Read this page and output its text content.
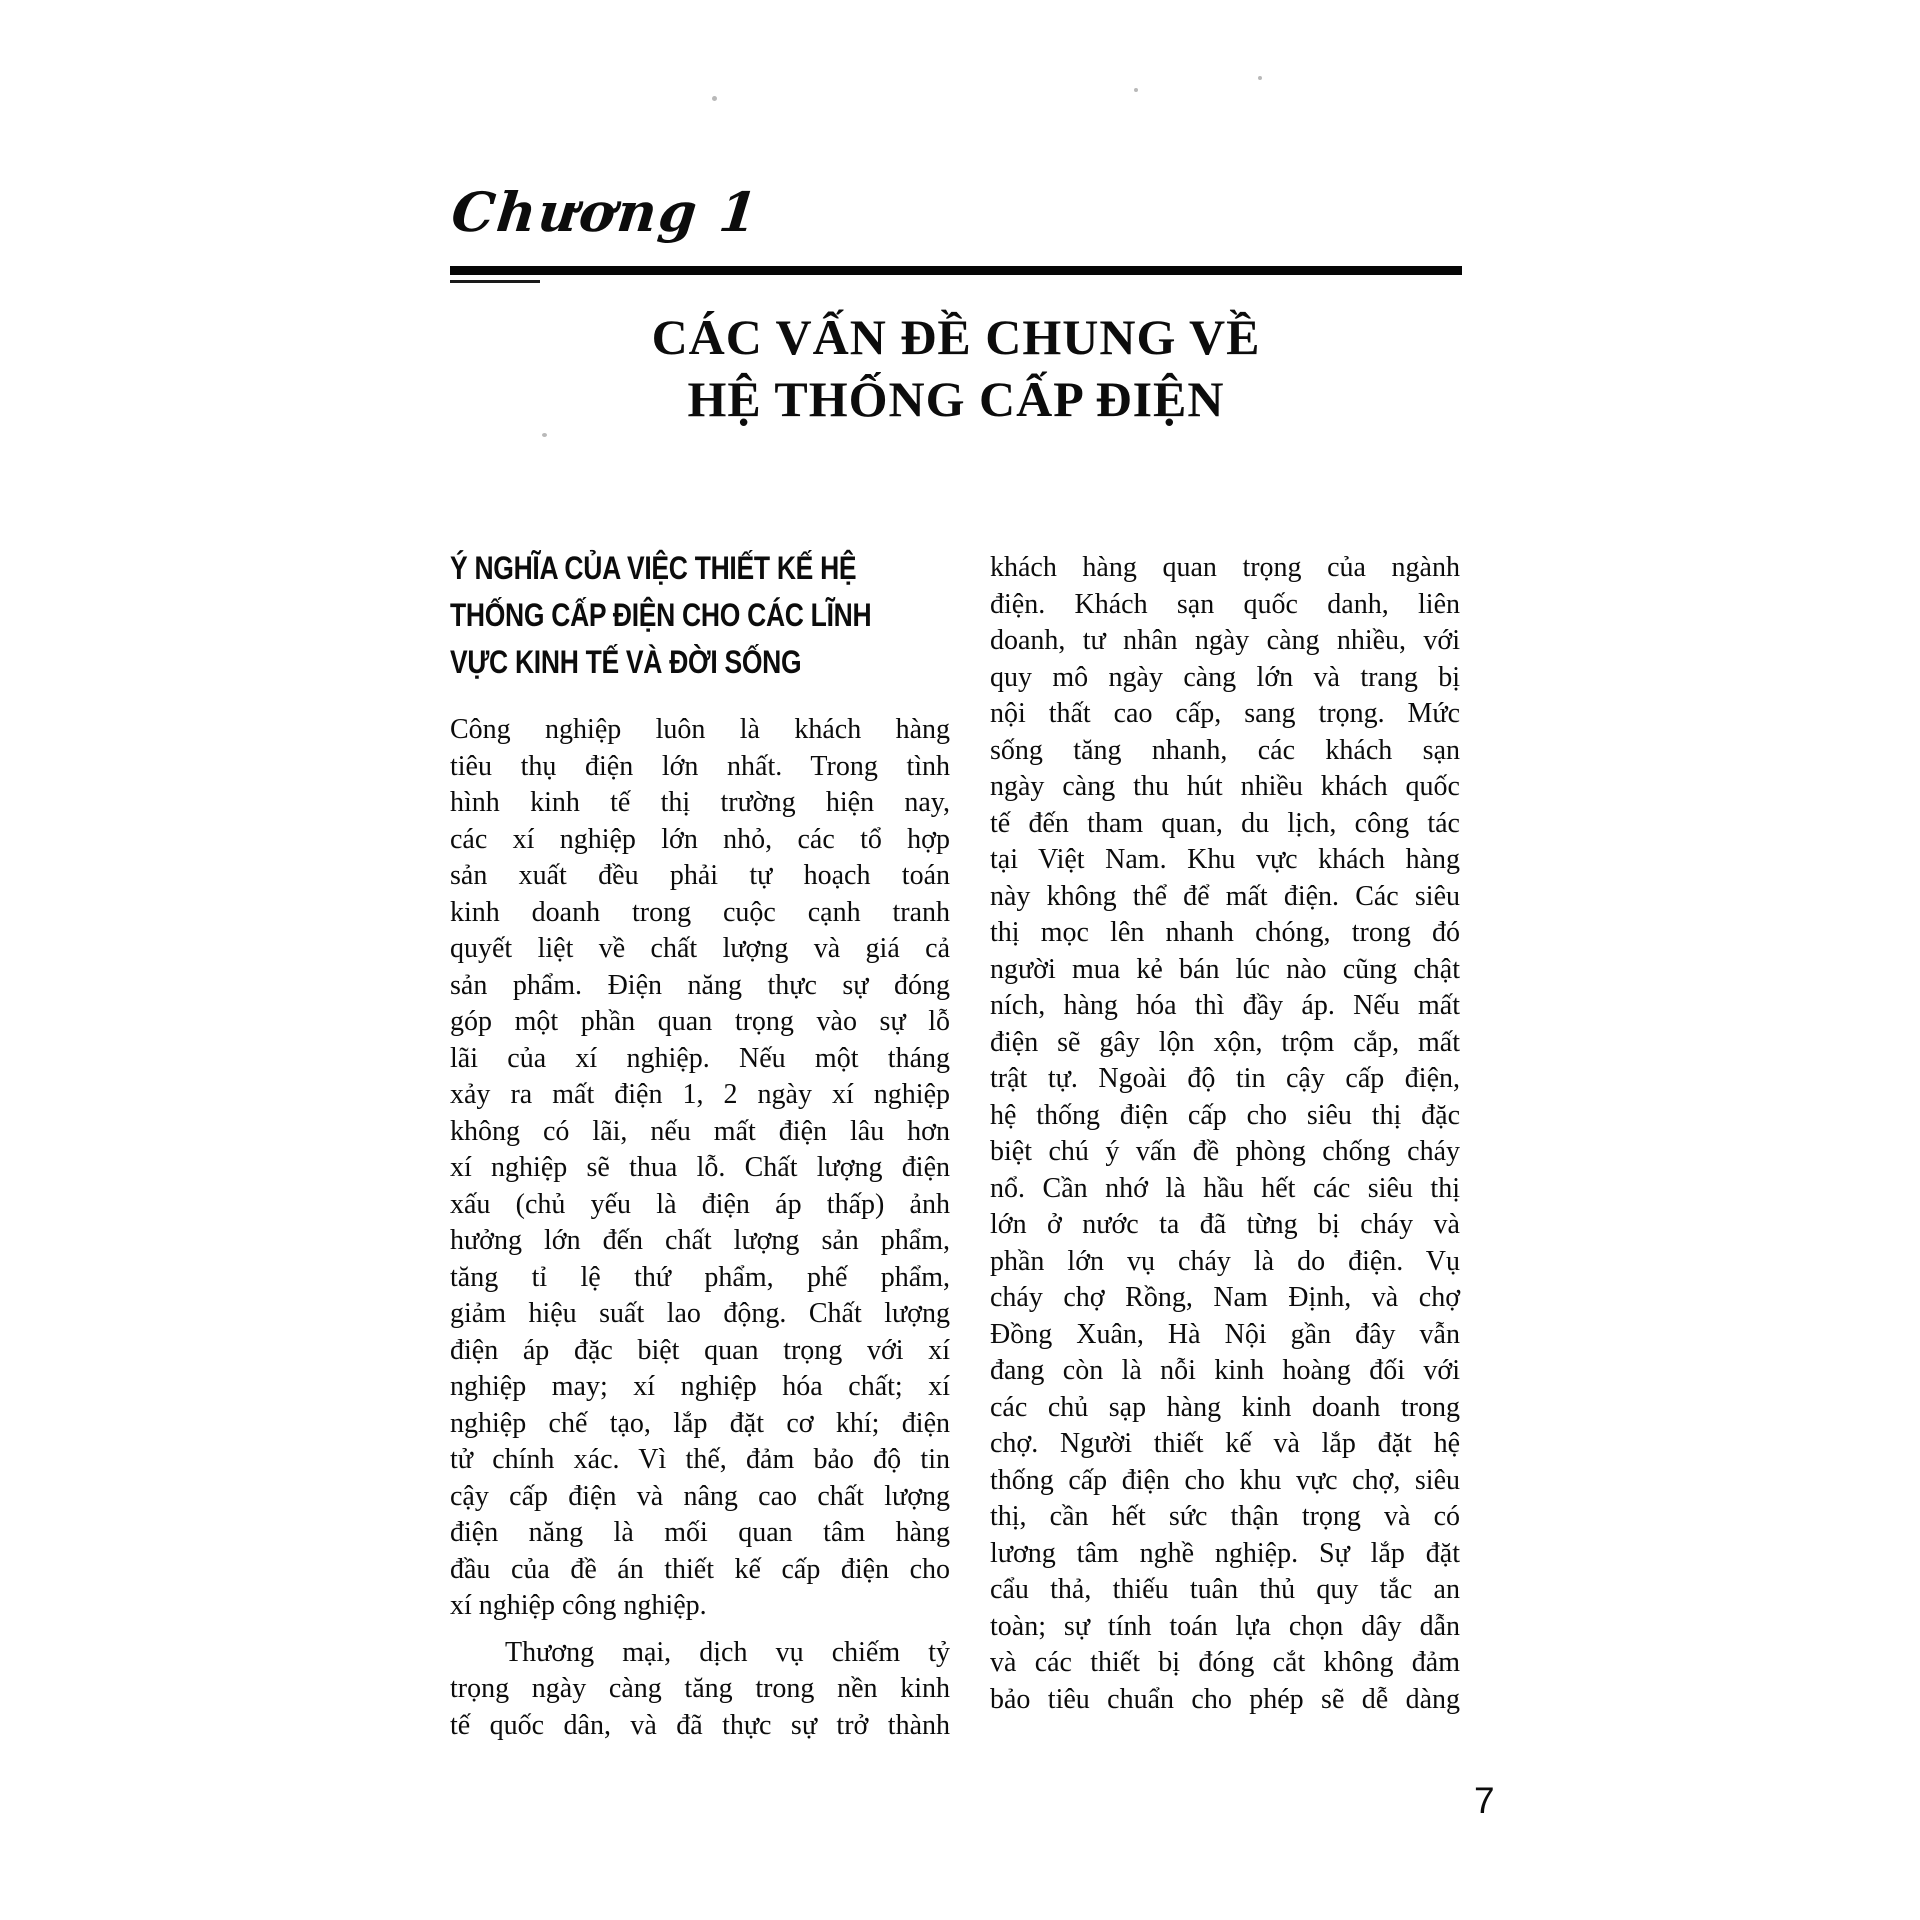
Chương 1
CÁC VẤN ĐỀ CHUNG VỀ
HỆ THỐNG CẤP ĐIỆN
Ý NGHĨA CỦA VIỆC THIẾT KẾ HỆ
THỐNG CẤP ĐIỆN CHO CÁC LĨNH
VỰC KINH TẾ VÀ ĐỜI SỐNG
Công nghiệp luôn là khách hàng
tiêu thụ điện lớn nhất. Trong tình
hình kinh tế thị trường hiện nay,
các xí nghiệp lớn nhỏ, các tổ hợp
sản xuất đều phải tự hoạch toán
kinh doanh trong cuộc cạnh tranh
quyết liệt về chất lượng và giá cả
sản phẩm. Điện năng thực sự đóng
góp một phần quan trọng vào sự lỗ
lãi của xí nghiệp. Nếu một tháng
xảy ra mất điện 1, 2 ngày xí nghiệp
không có lãi, nếu mất điện lâu hơn
xí nghiệp sẽ thua lỗ. Chất lượng điện
xấu (chủ yếu là điện áp thấp) ảnh
hưởng lớn đến chất lượng sản phẩm,
tăng tỉ lệ thứ phẩm, phế phẩm,
giảm hiệu suất lao động. Chất lượng
điện áp đặc biệt quan trọng với xí
nghiệp may; xí nghiệp hóa chất; xí
nghiệp chế tạo, lắp đặt cơ khí; điện
tử chính xác. Vì thế, đảm bảo độ tin
cậy cấp điện và nâng cao chất lượng
điện năng là mối quan tâm hàng
đầu của đề án thiết kế cấp điện cho
xí nghiệp công nghiệp.
Thương mại, dịch vụ chiếm tỷ
trọng ngày càng tăng trong nền kinh
tế quốc dân, và đã thực sự trở thành
khách hàng quan trọng của ngành
điện. Khách sạn quốc danh, liên
doanh, tư nhân ngày càng nhiều, với
quy mô ngày càng lớn và trang bị
nội thất cao cấp, sang trọng. Mức
sống tăng nhanh, các khách sạn
ngày càng thu hút nhiều khách quốc
tế đến tham quan, du lịch, công tác
tại Việt Nam. Khu vực khách hàng
này không thể để mất điện. Các siêu
thị mọc lên nhanh chóng, trong đó
người mua kẻ bán lúc nào cũng chật
ních, hàng hóa thì đầy áp. Nếu mất
điện sẽ gây lộn xộn, trộm cắp, mất
trật tự. Ngoài độ tin cậy cấp điện,
hệ thống điện cấp cho siêu thị đặc
biệt chú ý vấn đề phòng chống cháy
nổ. Cần nhớ là hầu hết các siêu thị
lớn ở nước ta đã từng bị cháy và
phần lớn vụ cháy là do điện. Vụ
cháy chợ Rồng, Nam Định, và chợ
Đồng Xuân, Hà Nội gần đây vẫn
đang còn là nỗi kinh hoàng đối với
các chủ sạp hàng kinh doanh trong
chợ. Người thiết kế và lắp đặt hệ
thống cấp điện cho khu vực chợ, siêu
thị, cần hết sức thận trọng và có
lương tâm nghề nghiệp. Sự lắp đặt
cẩu thả, thiếu tuân thủ quy tắc an
toàn; sự tính toán lựa chọn dây dẫn
và các thiết bị đóng cắt không đảm
bảo tiêu chuẩn cho phép sẽ dễ dàng
7
